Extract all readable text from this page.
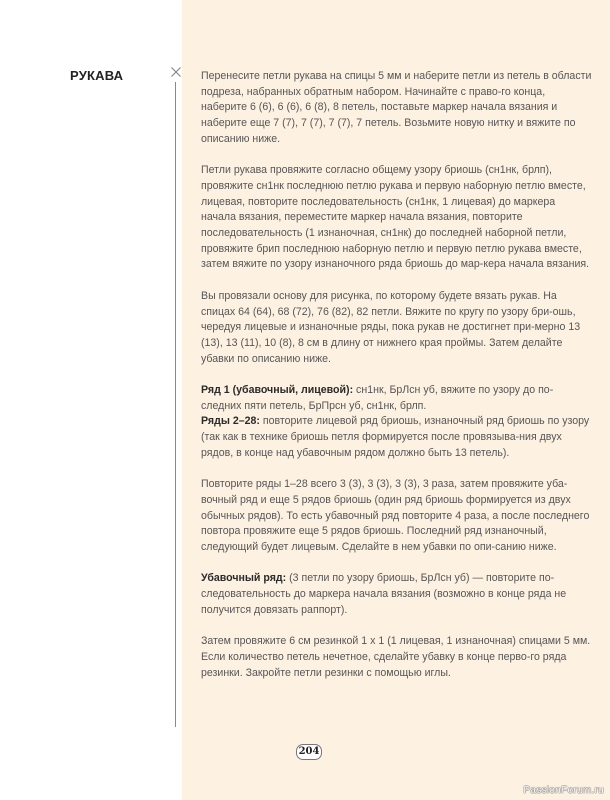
РУКАВА	Перенесите петли рукава на спицы 5 мм и наберите петли из петель в области подреза, набранных обратным набором. Начинайте с право-го конца, наберите 6 (6), 6 (6), 6 (8), 8 петель, поставьте маркер начала вязания и наберите еще 7 (7), 7 (7), 7 (7), 7 петель. Возьмите новую нитку и вяжите по описанию ниже.

Петли рукава провяжите согласно общему узору бриошь (сн1нк, брлп), провяжите сн1нк последнюю петлю рукава и первую наборную петлю вместе, лицевая, повторите последовательность (сн1нк, 1 лицевая) до маркера начала вязания, переместите маркер начала вязания, повторите последовательность (1 изнаночная, сн1нк) до последней наборной петли, провяжите брип последнюю наборную петлю и первую петлю рукава вместе, затем вяжите по узору изнаночного ряда бриошь до мар-кера начала вязания.

Вы провязали основу для рисунка, по которому будете вязать рукав. На спицах 64 (64), 68 (72), 76 (82), 82 петли. Вяжите по кругу по узору бри-ошь, чередуя лицевые и изнаночные ряды, пока рукав не достигнет при-мерно 13 (13), 13 (11), 10 (8), 8 см в длину от нижнего края проймы. Затем делайте убавки по описанию ниже.

Ряд 1 (убавочный, лицевой): сн1нк, БрЛсн уб, вяжите по узору до по-следних пяти петель, БрПрсн уб, сн1нк, брлп.

Ряды 2–28: повторите лицевой ряд бриошь, изнаночный ряд бриошь по узору (так как в технике бриошь петля формируется после провязыва-ния двух рядов, в конце над убавочным рядом должно быть 13 петель).

Повторите ряды 1–28 всего 3 (3), 3 (3), 3 (3), 3 раза, затем провяжите уба-вочный ряд и еще 5 рядов бриошь (один ряд бриошь формируется из двух обычных рядов). То есть убавочный ряд повторите 4 раза, а после последнего повтора провяжите еще 5 рядов бриошь. Последний ряд изнаночный, следующий будет лицевым. Сделайте в нем убавки по опи-санию ниже.

Убавочный ряд: (3 петли по узору бриошь, БрЛсн уб) — повторите по-следовательность до маркера начала вязания (возможно в конце ряда не получится довязать раппорт).

Затем провяжите 6 см резинкой 1 х 1 (1 лицевая, 1 изнаночная) спицами 5 мм. Если количество петель нечетное, сделайте убавку в конце перво-го ряда резинки. Закройте петли резинки с помощью иглы.

204
PassionForum.ru
